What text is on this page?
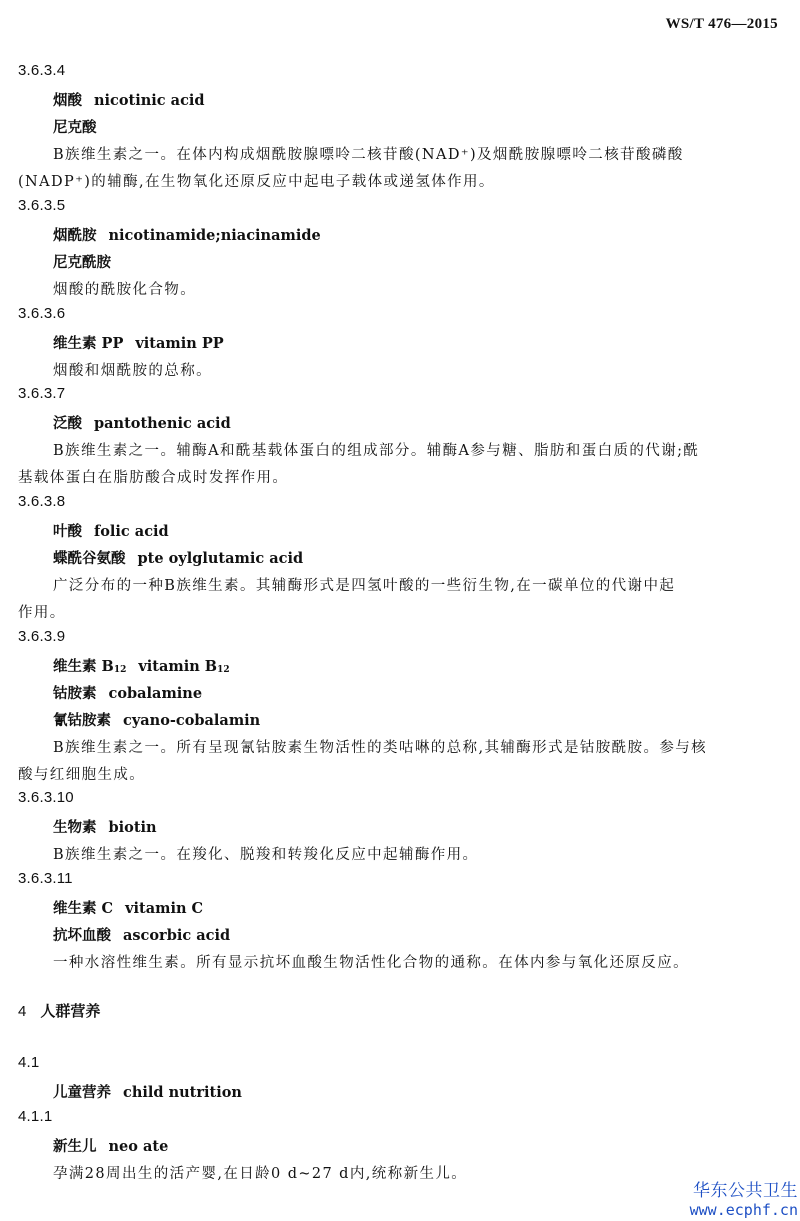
WS/T 476—2015
3.6.3.4
烟酸 nicotinic acid
尼克酸
B族维生素之一。在体内构成烟酰胺腺嘌呤二核苷酸(NAD⁺)及烟酰胺腺嘌呤二核苷酸磷酸
(NADP⁺)的辅酶,在生物氧化还原反应中起电子载体或递氢体作用。
3.6.3.5
烟酰胺 nicotinamide;niacinamide
尼克酰胺
烟酸的酰胺化合物。
3.6.3.6
维生素 PP vitamin PP
烟酸和烟酰胺的总称。
3.6.3.7
泛酸 pantothenic acid
B族维生素之一。辅酶A和酰基载体蛋白的组成部分。辅酶A参与糖、脂肪和蛋白质的代谢;酰
基载体蛋白在脂肪酸合成时发挥作用。
3.6.3.8
叶酸 folic acid
蝶酰谷氨酸 pte oylglutamic acid
广泛分布的一种B族维生素。其辅酶形式是四氢叶酸的一些衍生物,在一碳单位的代谢中起
作用。
3.6.3.9
维生素 $B_{12}$ vitamin $B_{12}$
钴胺素 cobalamine
氰钴胺素 cyano-cobalamin
B族维生素之一。所有呈现氰钴胺素生物活性的类咕啉的总称,其辅酶形式是钴胺酰胺。参与核
酸与红细胞生成。
3.6.3.10
生物素 biotin
B族维生素之一。在羧化、脱羧和转羧化反应中起辅酶作用。
3.6.3.11
维生素 C vitamin C
抗坏血酸 ascorbic acid
一种水溶性维生素。所有显示抗坏血酸生物活性化合物的通称。在体内参与氧化还原反应。
4 人群营养
4.1
儿童营养 child nutrition
4.1.1
新生儿 neo ate
孕满28周出生的活产婴,在日龄0 d~27 d内,统称新生儿。
华东公共卫生
www.ecphf.cn
